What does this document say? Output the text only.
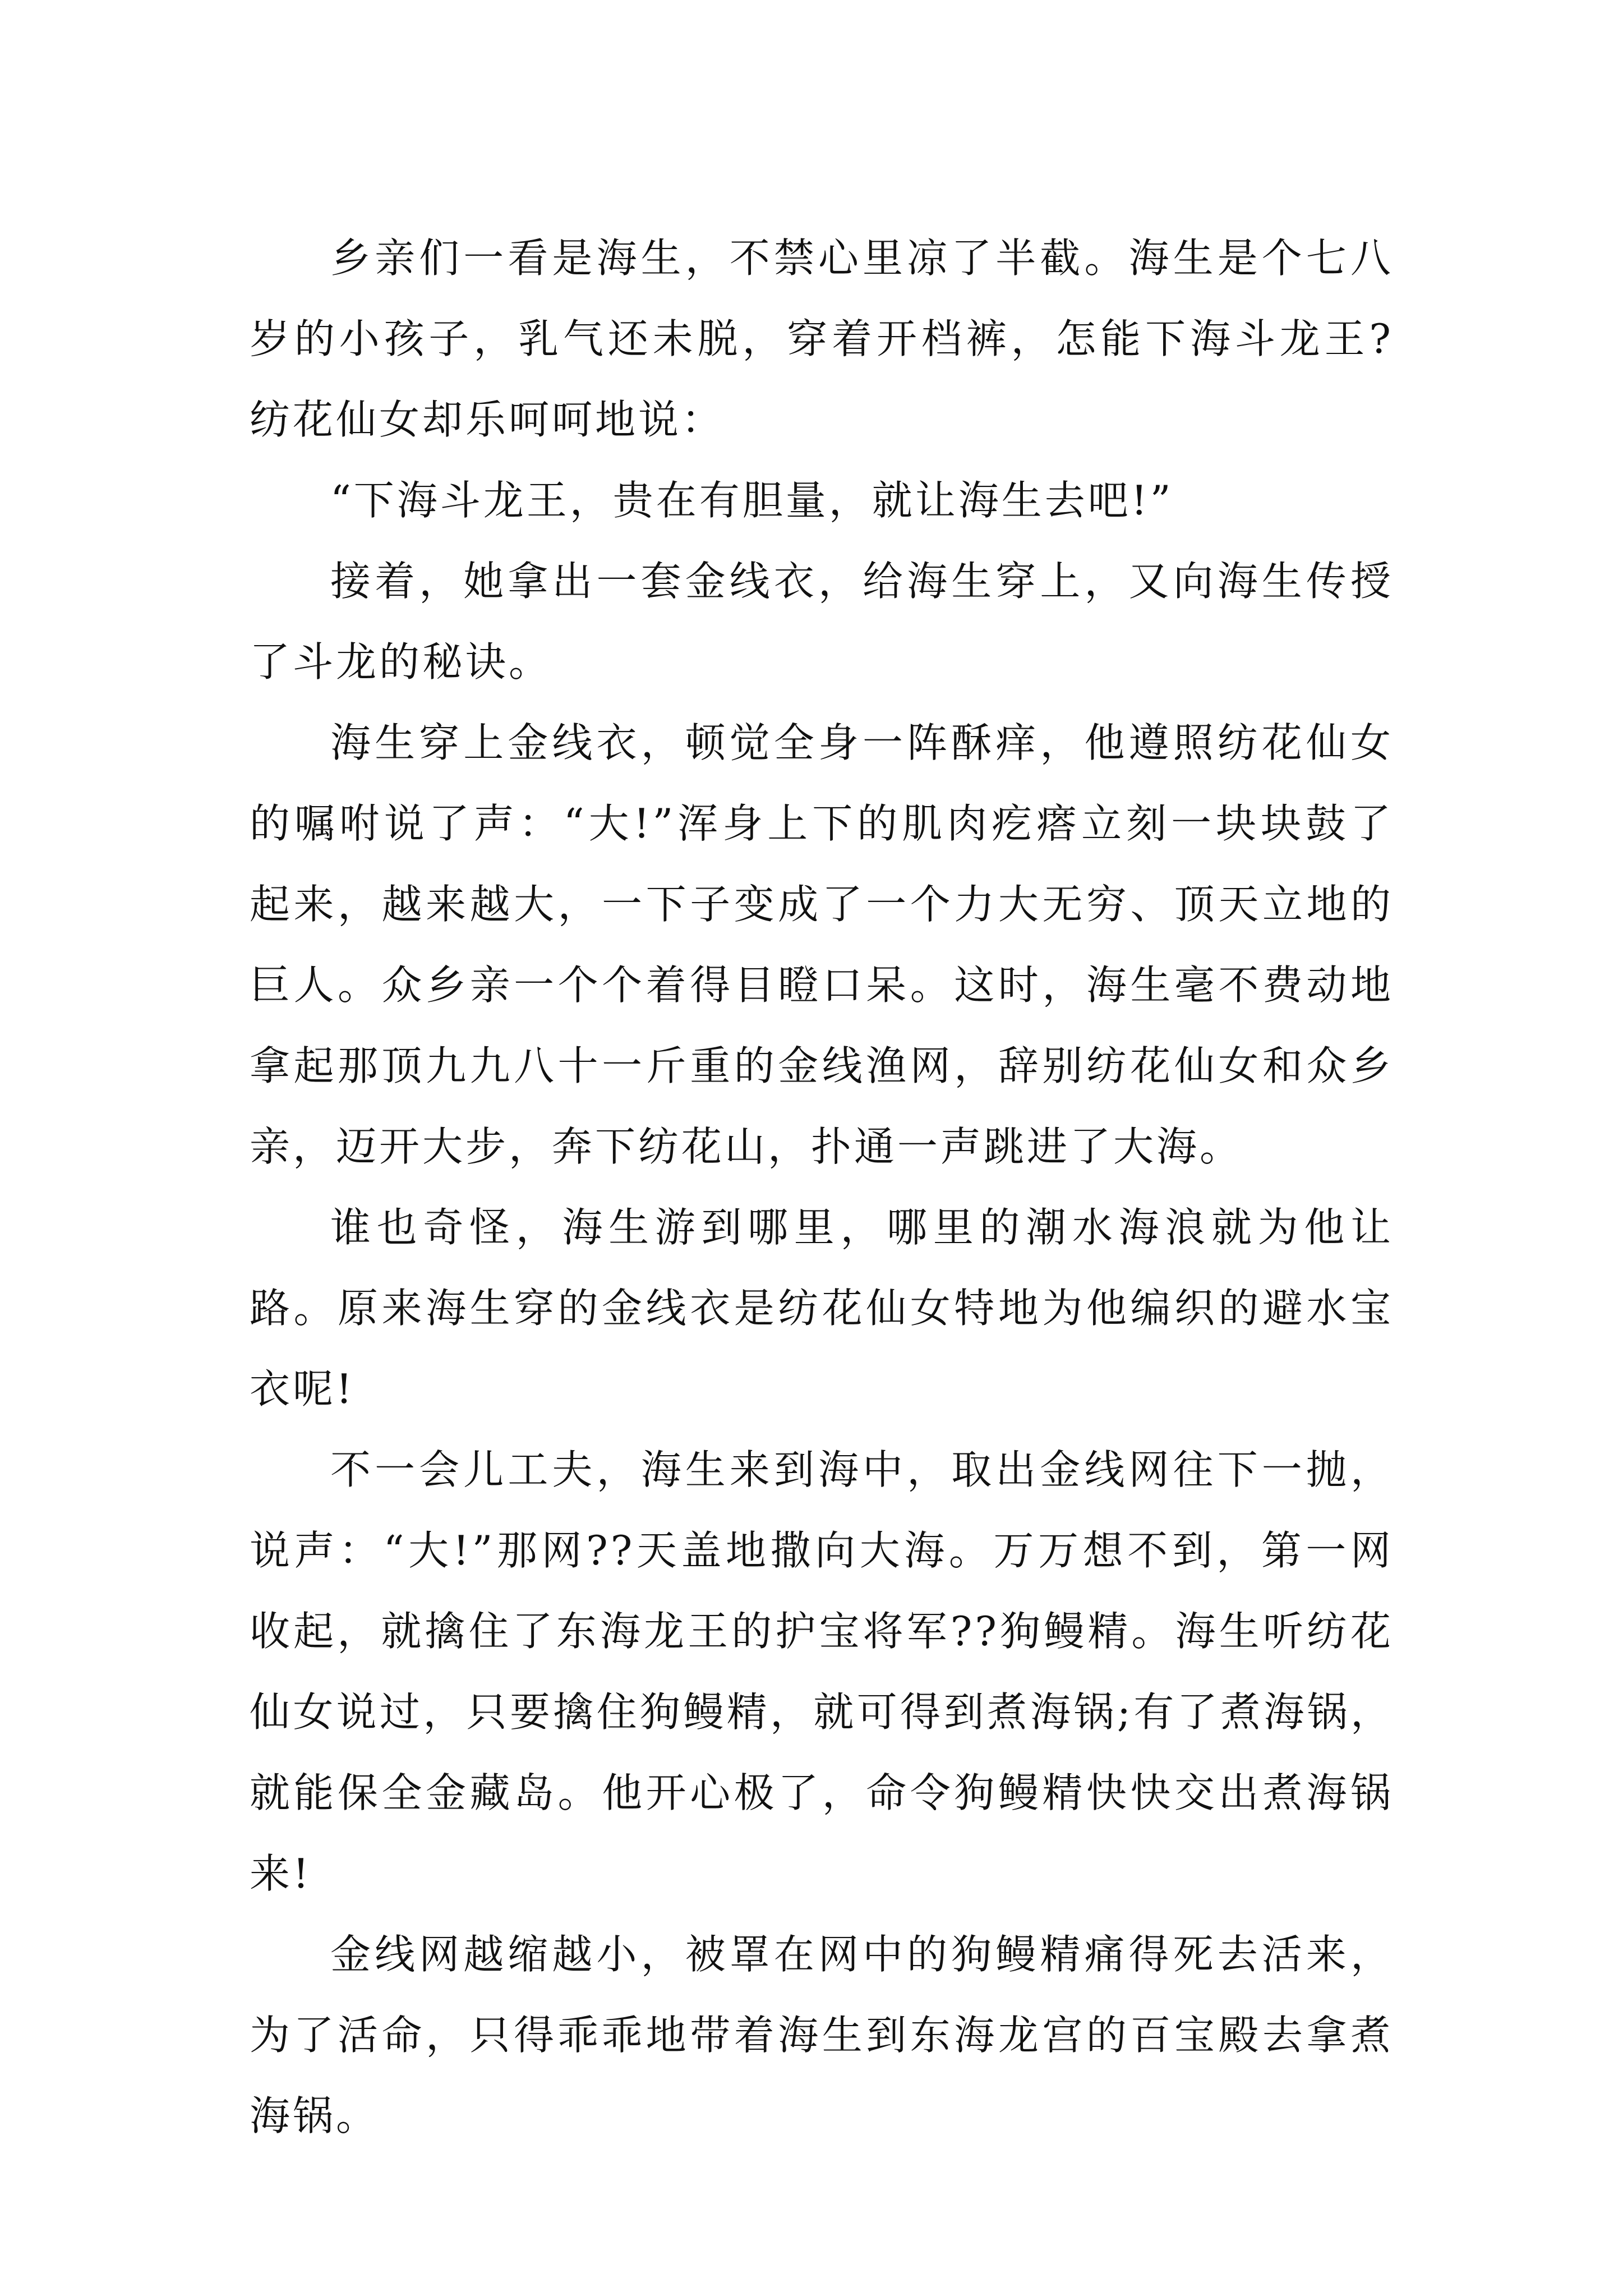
乡亲们一看是海生，不禁心里凉了半截。海生是个七八岁的小孩子，乳气还未脱，穿着开档裤，怎能下海斗龙王?纺花仙女却乐呵呵地说：

“下海斗龙王，贵在有胆量，就让海生去吧!”

接着，她拿出一套金线衣，给海生穿上，又向海生传授了斗龙的秘诀。

海生穿上金线衣，顿觉全身一阵酥痒，他遵照纺花仙女的嘱咐说了声：“大!”浑身上下的肌肉疙瘩立刻一块块鼓了起来，越来越大，一下子变成了一个力大无穷、顶天立地的巨人。众乡亲一个个着得目瞪口呆。这时，海生毫不费动地拿起那顶九九八十一斤重的金线渔网，辞别纺花仙女和众乡亲，迈开大步，奔下纺花山，扑通一声跳进了大海。

谁也奇怪，海生游到哪里，哪里的潮水海浪就为他让路。原来海生穿的金线衣是纺花仙女特地为他编织的避水宝衣呢!

不一会儿工夫，海生来到海中，取出金线网往下一抛，说声：“大!”那网??天盖地撒向大海。万万想不到，第一网收起，就擒住了东海龙王的护宝将军??狗鳗精。海生听纺花仙女说过，只要擒住狗鳗精，就可得到煮海锅;有了煮海锅，就能保全金藏岛。他开心极了，命令狗鳗精快快交出煮海锅来!

金线网越缩越小，被罩在网中的狗鳗精痛得死去活来，为了活命，只得乖乖地带着海生到东海龙宫的百宝殿去拿煮海锅。
